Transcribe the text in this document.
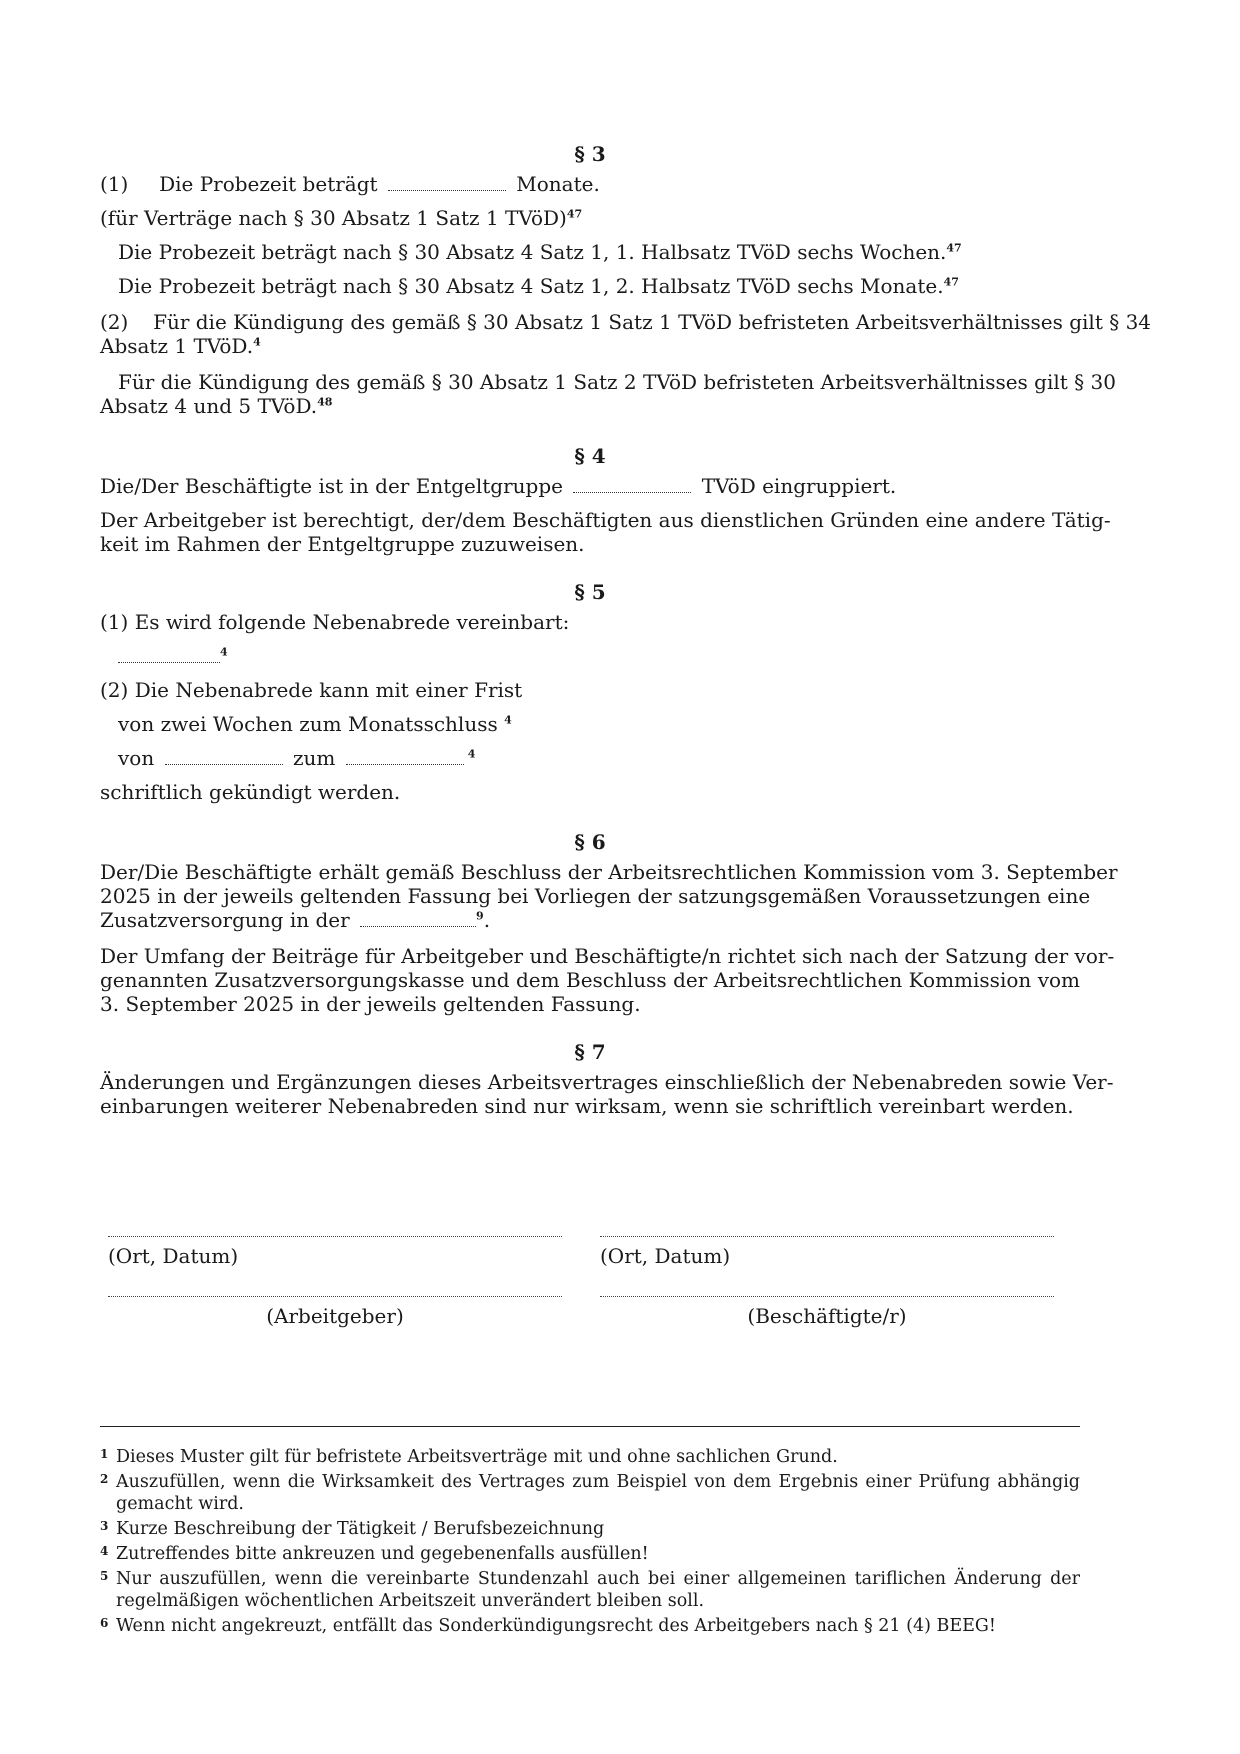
§ 3
(1) Die Probezeit beträgt	Monate.
(für Verträge nach § 30 Absatz 1 Satz 1 TVöD)$^{47}$
Die Probezeit beträgt nach § 30 Absatz 4 Satz 1, 1. Halbsatz TVöD sechs Wochen.$^{47}$
Die Probezeit beträgt nach § 30 Absatz 4 Satz 1, 2. Halbsatz TVöD sechs Monate.$^{47}$
(2) Für die Kündigung des gemäß § 30 Absatz 1 Satz 1 TVöD befristeten Arbeitsverhältnisses gilt § 34
Absatz 1 TVöD.$^4$
Für die Kündigung des gemäß § 30 Absatz 1 Satz 2 TVöD befristeten Arbeitsverhältnisses gilt § 30
Absatz 4 und 5 TVöD.$^{48}$
§ 4
Die/Der Beschäftigte ist in der Entgeltgruppe	TVöD eingruppiert.
Der Arbeitgeber ist berechtigt, der/dem Beschäftigten aus dienstlichen Gründen eine andere Tätig-
keit im Rahmen der Entgeltgruppe zuzuweisen.
§ 5
(1) Es wird folgende Nebenabrede vereinbart:
$^4$
(2) Die Nebenabrede kann mit einer Frist
von zwei Wochen zum Monatsschluss $^4$
von	zum	$^4$
schriftlich gekündigt werden.
§ 6
Der/Die Beschäftigte erhält gemäß Beschluss der Arbeitsrechtlichen Kommission vom 3. September
2025 in der jeweils geltenden Fassung bei Vorliegen der satzungsgemäßen Voraussetzungen eine
Zusatzversorgung in der	$^9$.
Der Umfang der Beiträge für Arbeitgeber und Beschäftigte/n richtet sich nach der Satzung der vor-
genannten Zusatzversorgungskasse und dem Beschluss der Arbeitsrechtlichen Kommission vom
3. September 2025 in der jeweils geltenden Fassung.
§ 7
Änderungen und Ergänzungen dieses Arbeitsvertrages einschließlich der Nebenabreden sowie Ver-
einbarungen weiterer Nebenabreden sind nur wirksam, wenn sie schriftlich vereinbart werden.
(Ort, Datum)	(Ort, Datum)
(Arbeitgeber)	(Beschäftigte/r)
1 Dieses Muster gilt für befristete Arbeitsverträge mit und ohne sachlichen Grund.
2 Auszufüllen, wenn die Wirksamkeit des Vertrages zum Beispiel von dem Ergebnis einer Prüfung abhängig
gemacht wird.
3 Kurze Beschreibung der Tätigkeit / Berufsbezeichnung
4 Zutreffendes bitte ankreuzen und gegebenenfalls ausfüllen!
5 Nur auszufüllen, wenn die vereinbarte Stundenzahl auch bei einer allgemeinen tariflichen Änderung der
regelmäßigen wöchentlichen Arbeitszeit unverändert bleiben soll.
6 Wenn nicht angekreuzt, entfällt das Sonderkündigungsrecht des Arbeitgebers nach § 21 (4) BEEG!
